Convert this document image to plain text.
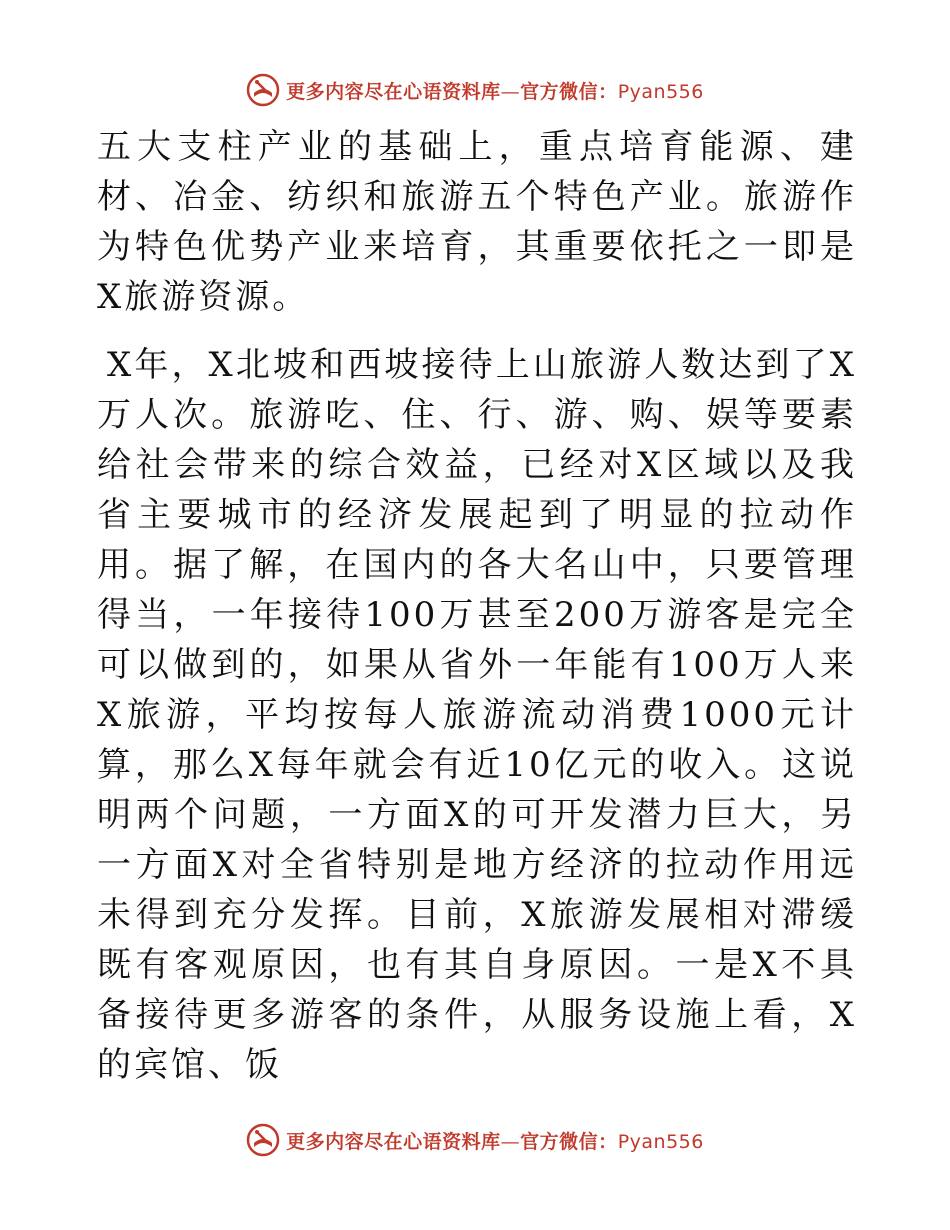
更多内容尽在心语资料库—官方微信：Pyan556

五大支柱产业的基础上，重点培育能源、建材、冶金、纺织和旅游五个特色产业。旅游作为特色优势产业来培育，其重要依托之一即是X旅游资源。

X年，X北坡和西坡接待上山旅游人数达到了X万人次。旅游吃、住、行、游、购、娱等要素给社会带来的综合效益，已经对X区域以及我省主要城市的经济发展起到了明显的拉动作用。据了解，在国内的各大名山中，只要管理得当，一年接待100万甚至200万游客是完全可以做到的，如果从省外一年能有100万人来X旅游，平均按每人旅游流动消费1000元计算，那么X每年就会有近10亿元的收入。这说明两个问题，一方面X的可开发潜力巨大，另一方面X对全省特别是地方经济的拉动作用远未得到充分发挥。目前，X旅游发展相对滞缓既有客观原因，也有其自身原因。一是X不具备接待更多游客的条件，从服务设施上看，X的宾馆、饭

更多内容尽在心语资料库—官方微信：Pyan556
